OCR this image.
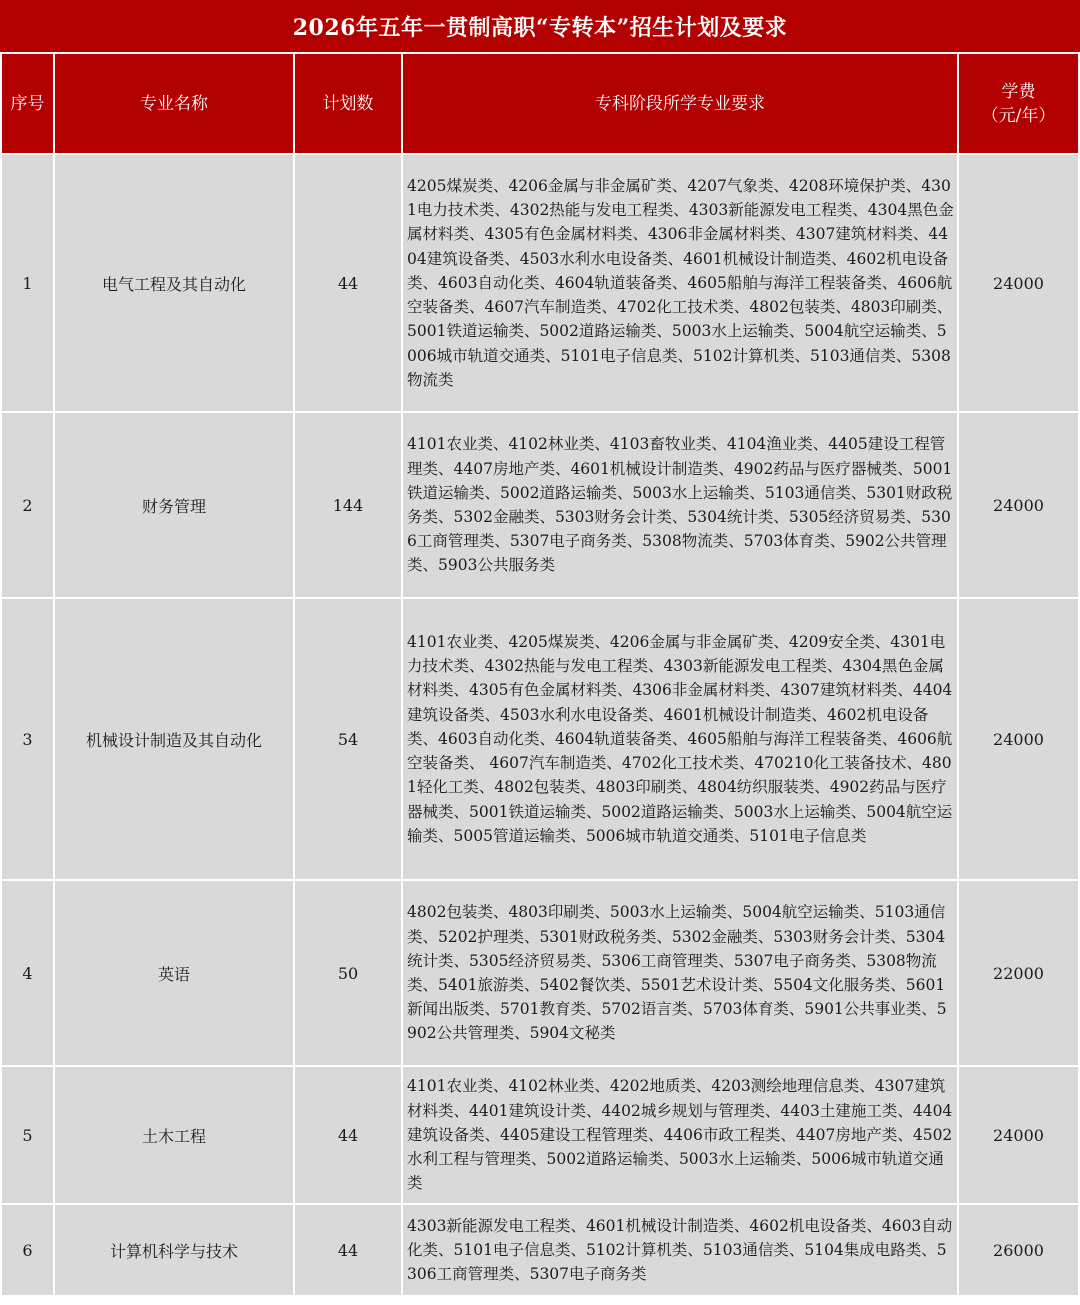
2026年五年一贯制高职“专转本”招生计划及要求
序号	专业名称	计划数	专科阶段所学专业要求	学费
（元/年）

1	电气工程及其自动化	44	4205煤炭类、4206金属与非金属矿类、4207气象类、4208环境保护类、4301电力技术类、4302热能与发电工程类、4303新能源发电工程类、4304黑色金属材料类、4305有色金属材料类、4306非金属材料类、4307建筑材料类、4404建筑设备类、4503水利水电设备类、4601机械设计制造类、4602机电设备类、4603自动化类、4604轨道装备类、4605船舶与海洋工程装备类、4606航空装备类、4607汽车制造类、4702化工技术类、4802包装类、4803印刷类、5001铁道运输类、5002道路运输类、5003水上运输类、5004航空运输类、5006城市轨道交通类、5101电子信息类、5102计算机类、5103通信类、5308物流类	24000
2	财务管理	144	4101农业类、4102林业类、4103畜牧业类、4104渔业类、4405建设工程管理类、4407房地产类、4601机械设计制造类、4902药品与医疗器械类、5001铁道运输类、5002道路运输类、5003水上运输类、5103通信类、5301财政税务类、5302金融类、5303财务会计类、5304统计类、5305经济贸易类、5306工商管理类、5307电子商务类、5308物流类、5703体育类、5902公共管理类、5903公共服务类	24000
3	机械设计制造及其自动化	54	4101农业类、4205煤炭类、4206金属与非金属矿类、4209安全类、4301电力技术类、4302热能与发电工程类、4303新能源发电工程类、4304黑色金属材料类、4305有色金属材料类、4306非金属材料类、4307建筑材料类、4404建筑设备类、4503水利水电设备类、4601机械设计制造类、4602机电设备类、4603自动化类、4604轨道装备类、4605船舶与海洋工程装备类、4606航空装备类、 4607汽车制造类、4702化工技术类、470210化工装备技术、4801轻化工类、4802包装类、4803印刷类、4804纺织服装类、4902药品与医疗器械类、5001铁道运输类、5002道路运输类、5003水上运输类、5004航空运输类、5005管道运输类、5006城市轨道交通类、5101电子信息类	24000
4	英语	50	4802包装类、4803印刷类、5003水上运输类、5004航空运输类、5103通信类、5202护理类、5301财政税务类、5302金融类、5303财务会计类、5304统计类、5305经济贸易类、5306工商管理类、5307电子商务类、5308物流类、5401旅游类、5402餐饮类、5501艺术设计类、5504文化服务类、5601新闻出版类、5701教育类、5702语言类、5703体育类、5901公共事业类、5902公共管理类、5904文秘类	22000
5	土木工程	44	4101农业类、4102林业类、4202地质类、4203测绘地理信息类、4307建筑材料类、4401建筑设计类、4402城乡规划与管理类、4403土建施工类、4404建筑设备类、4405建设工程管理类、4406市政工程类、4407房地产类、4502水利工程与管理类、5002道路运输类、5003水上运输类、5006城市轨道交通类	24000
6	计算机科学与技术	44	4303新能源发电工程类、4601机械设计制造类、4602机电设备类、4603自动化类、5101电子信息类、5102计算机类、5103通信类、5104集成电路类、5306工商管理类、5307电子商务类	26000
